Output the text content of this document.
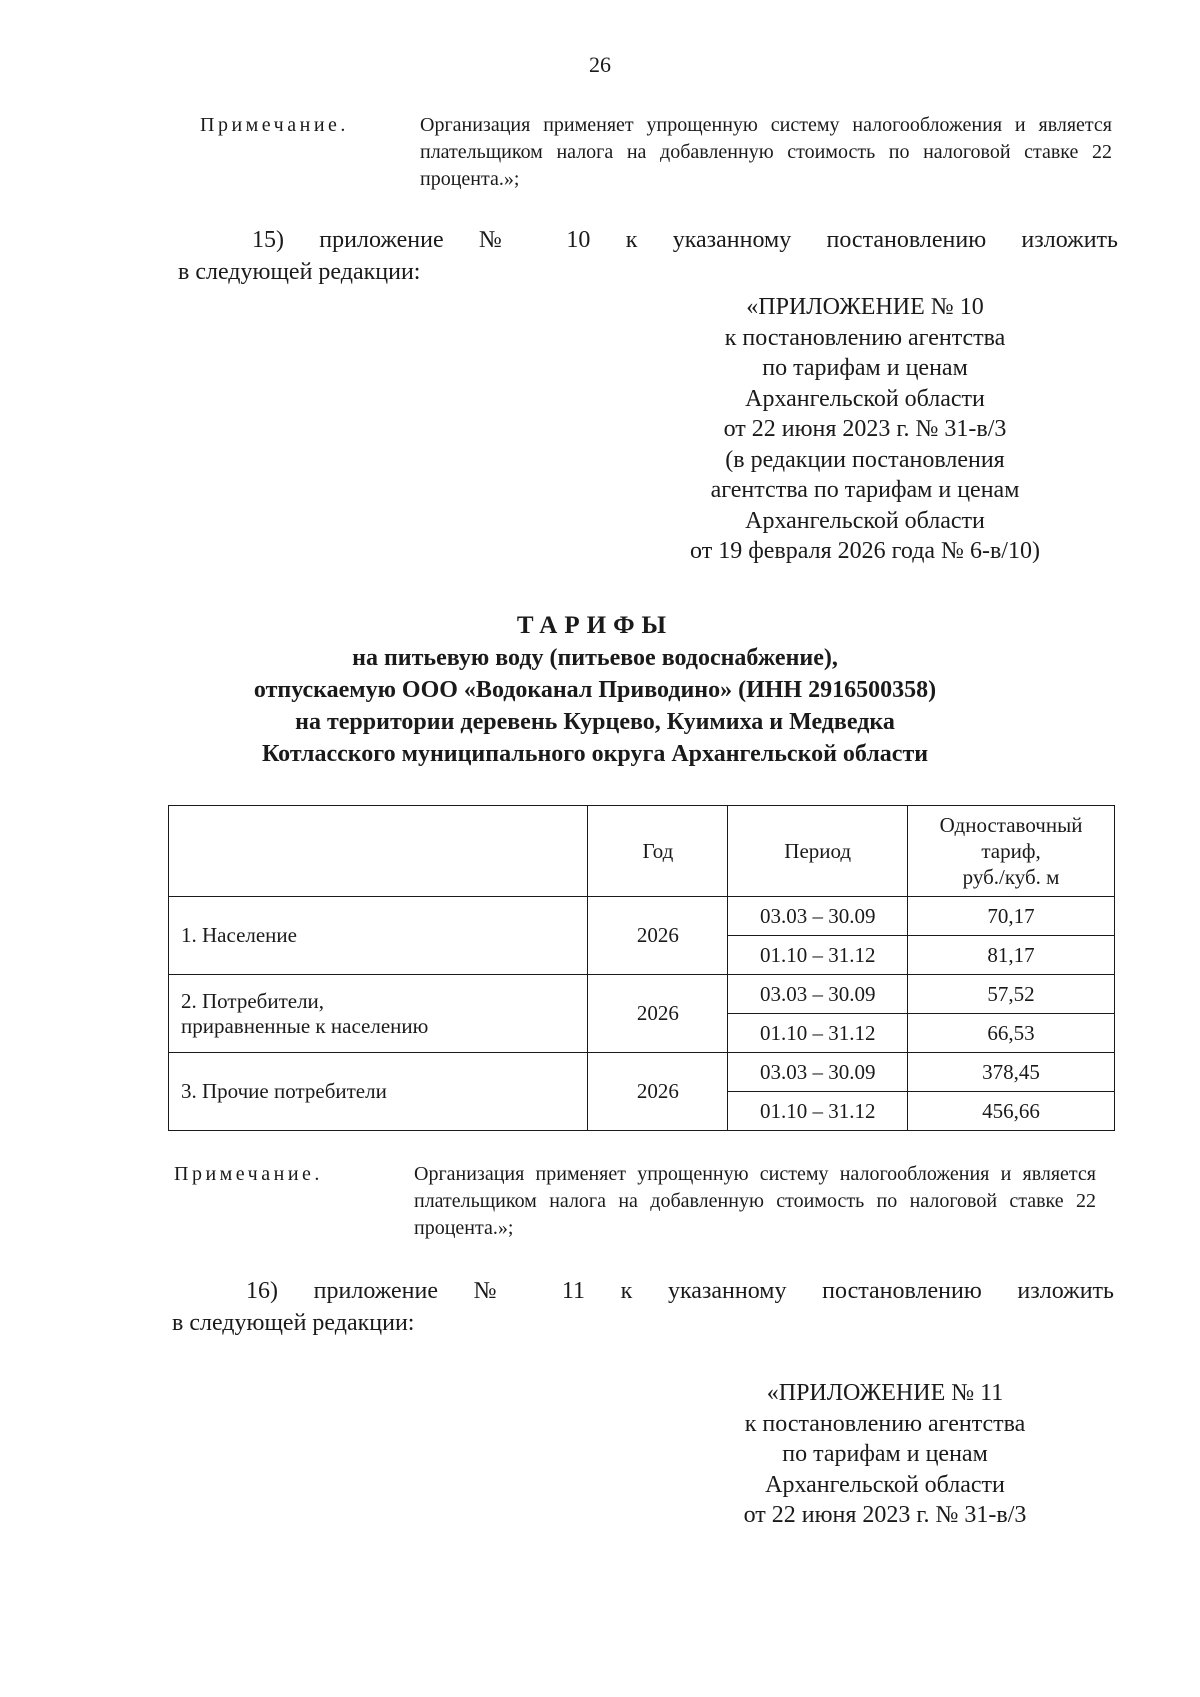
26
Примечание.	Организация применяет упрощенную систему налогообложения и является плательщиком налога на добавленную стоимость по налоговой ставке 22 процента.»;
15) приложение № 10 к указанному постановлению изложить
в следующей редакции:
«ПРИЛОЖЕНИЕ № 10
к постановлению агентства
по тарифам и ценам
Архангельской области
от 22 июня 2023 г. № 31-в/3
(в редакции постановления
агентства по тарифам и ценам
Архангельской области
от 19 февраля 2026 года № 6-в/10)
ТАРИФЫ
на питьевую воду (питьевое водоснабжение),
отпускаемую ООО «Водоканал Приводино» (ИНН 2916500358)
на территории деревень Курцево, Куимиха и Медведка
Котласского муниципального округа Архангельской области
	Год	Период	Одноставочный
тариф,
руб./куб. м

1. Население	2026	03.03 – 30.09	70,17
		01.10 – 31.12	81,17

2. Потребители,
приравненные к населению	2026	03.03 – 30.09	57,52
		01.10 – 31.12	66,53

3. Прочие потребители	2026	03.03 – 30.09	378,45
		01.10 – 31.12	456,66
Примечание.	Организация применяет упрощенную систему налогообложения и является плательщиком налога на добавленную стоимость по налоговой ставке 22 процента.»;
16) приложение № 11 к указанному постановлению изложить
в следующей редакции:
«ПРИЛОЖЕНИЕ № 11
к постановлению агентства
по тарифам и ценам
Архангельской области
от 22 июня 2023 г. № 31-в/3
